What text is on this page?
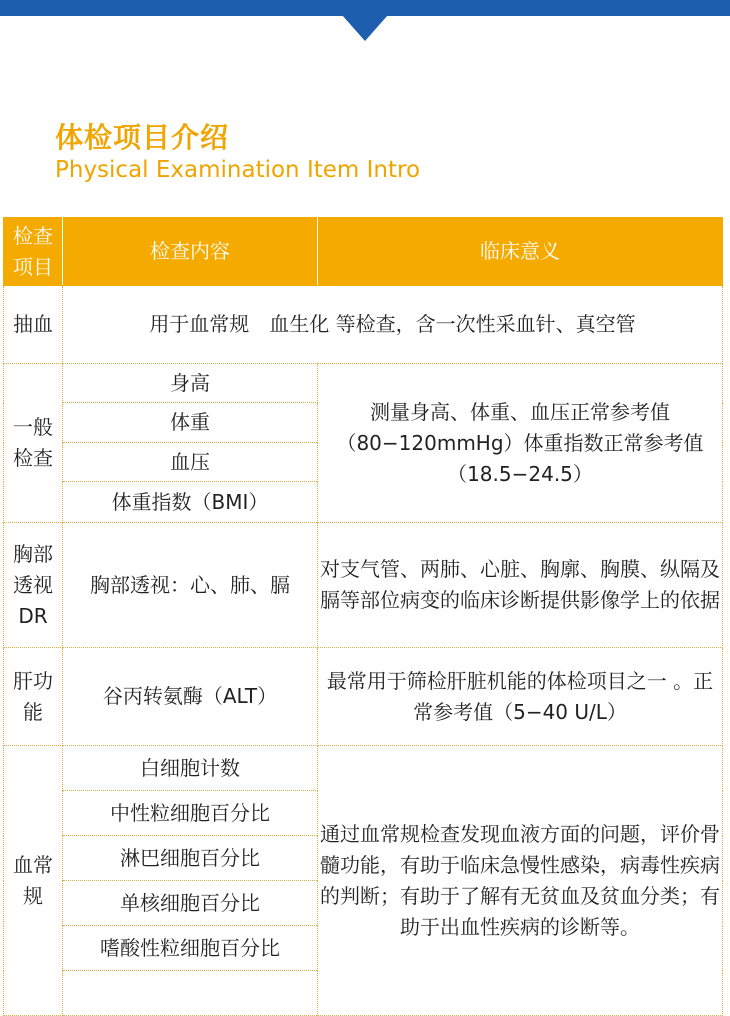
体检项目介绍
Physical Examination Item Intro
检查项目	检查内容	临床意义
抽血	用于血常规　血生化 等检查，含一次性采血针、真空管	
一般检查	身高	测量身高、体重、血压正常参考值（80−120mmHg）体重指数正常参考值（18.5−24.5）
	体重	
	血压	
	体重指数（BMI）	
胸部透视DR	胸部透视：心、肺、膈	对支气管、两肺、心脏、胸廓、胸膜、纵隔及膈等部位病变的临床诊断提供影像学上的依据
肝功能	谷丙转氨酶（ALT）	最常用于筛检肝脏机能的体检项目之一 。正常参考值（5−40 U/L）
血常规	白细胞计数	通过血常规检查发现血液方面的问题，评价骨髓功能，有助于临床急慢性感染，病毒性疾病的判断；有助于了解有无贫血及贫血分类；有助于出血性疾病的诊断等。
	中性粒细胞百分比	
	淋巴细胞百分比	
	单核细胞百分比	
	嗜酸性粒细胞百分比	
